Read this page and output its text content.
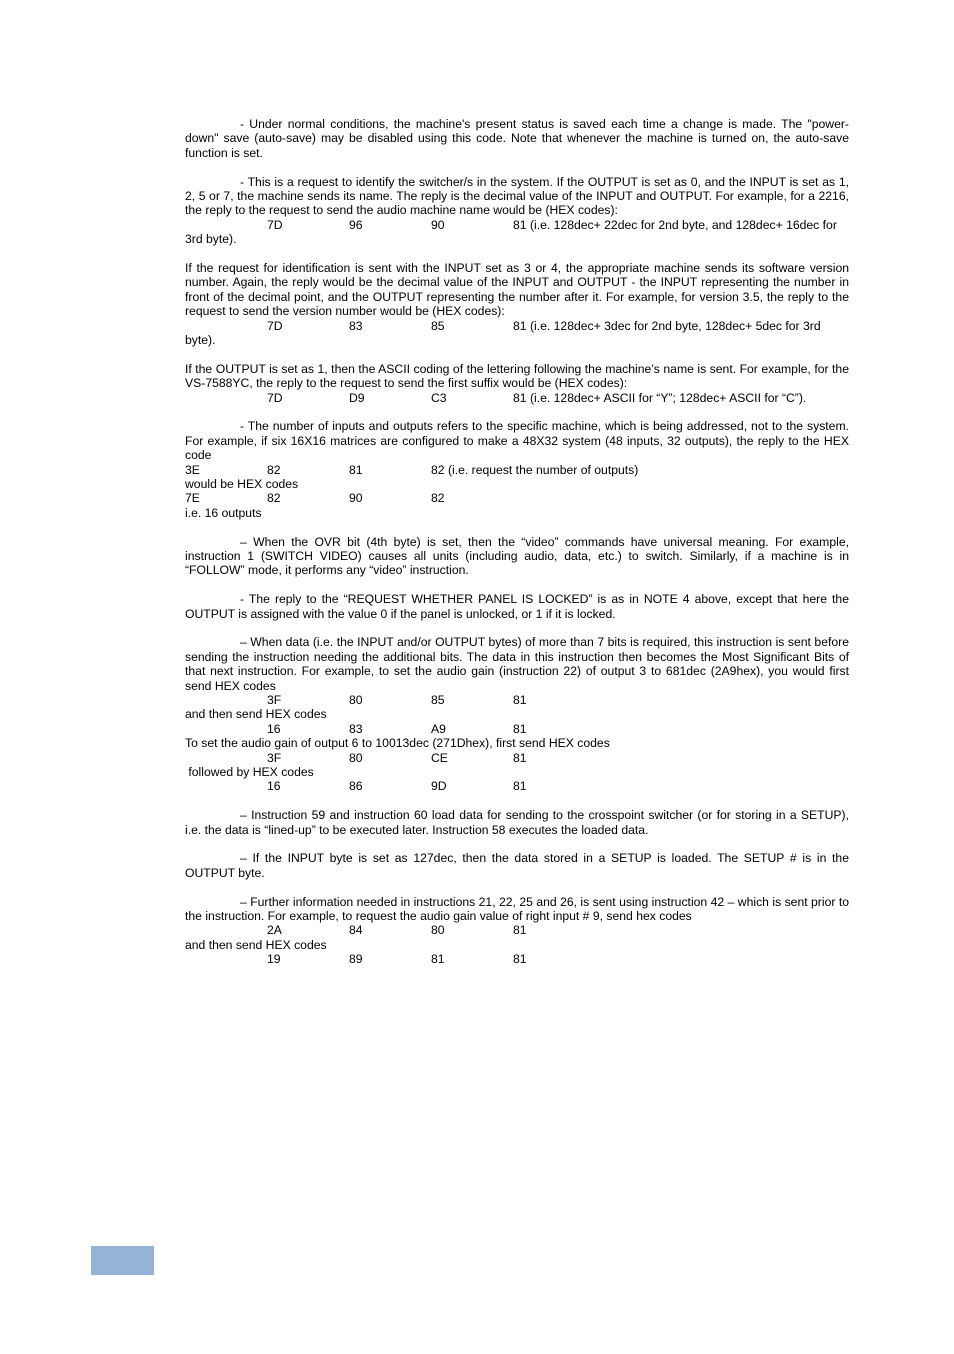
- Under normal conditions, the machine's present status is saved each time a change is made. The "power-down" save (auto-save) may be disabled using this code. Note that whenever the machine is turned on, the auto-save function is set.

- This is a request to identify the switcher/s in the system. If the OUTPUT is set as 0, and the INPUT is set as 1, 2, 5 or 7, the machine sends its name. The reply is the decimal value of the INPUT and OUTPUT. For example, for a 2216, the reply to the request to send the audio machine name would be (HEX codes):

7D	96	90	81 (i.e. 128dec+ 22dec for 2nd byte, and 128dec+ 16dec for

3rd byte).

If the request for identification is sent with the INPUT set as 3 or 4, the appropriate machine sends its software version number. Again, the reply would be the decimal value of the INPUT and OUTPUT - the INPUT representing the number in front of the decimal point, and the OUTPUT representing the number after it. For example, for version 3.5, the reply to the request to send the version number would be (HEX codes):

7D	83	85	81 (i.e. 128dec+ 3dec for 2nd byte, 128dec+ 5dec for 3rd

byte).

If the OUTPUT is set as 1, then the ASCII coding of the lettering following the machine’s name is sent. For example, for the VS-7588YC, the reply to the request to send the first suffix would be (HEX codes):

7D	D9	C3	81 (i.e. 128dec+ ASCII for “Y”; 128dec+ ASCII for “C”).

- The number of inputs and outputs refers to the specific machine, which is being addressed, not to the system. For example, if six 16X16 matrices are configured to make a 48X32 system (48 inputs, 32 outputs), the reply to the HEX code

3E	82	81	82 (i.e. request the number of outputs)

would be HEX codes

7E	82	90	82

i.e. 16 outputs

– When the OVR bit (4th byte) is set, then the “video” commands have universal meaning. For example, instruction 1 (SWITCH VIDEO) causes all units (including audio, data, etc.) to switch. Similarly, if a machine is in “FOLLOW” mode, it performs any “video” instruction.

- The reply to the “REQUEST WHETHER PANEL IS LOCKED” is as in NOTE 4 above, except that here the OUTPUT is assigned with the value 0 if the panel is unlocked, or 1 if it is locked.

– When data (i.e. the INPUT and/or OUTPUT bytes) of more than 7 bits is required, this instruction is sent before sending the instruction needing the additional bits. The data in this instruction then becomes the Most Significant Bits of that next instruction. For example, to set the audio gain (instruction 22) of output 3 to 681dec (2A9hex), you would first send HEX codes

3F	80	85	81

and then send HEX codes

16	83	A9	81

To set the audio gain of output 6 to 10013dec (271Dhex), first send HEX codes

3F	80	CE	81

followed by HEX codes

16	86	9D	81

– Instruction 59 and instruction 60 load data for sending to the crosspoint switcher (or for storing in a SETUP), i.e. the data is “lined-up” to be executed later. Instruction 58 executes the loaded data.

– If the INPUT byte is set as 127dec, then the data stored in a SETUP is loaded. The SETUP # is in the OUTPUT byte.

– Further information needed in instructions 21, 22, 25 and 26, is sent using instruction 42 – which is sent prior to the instruction. For example, to request the audio gain value of right input # 9, send hex codes

2A	84	80	81

and then send HEX codes

19	89	81	81
